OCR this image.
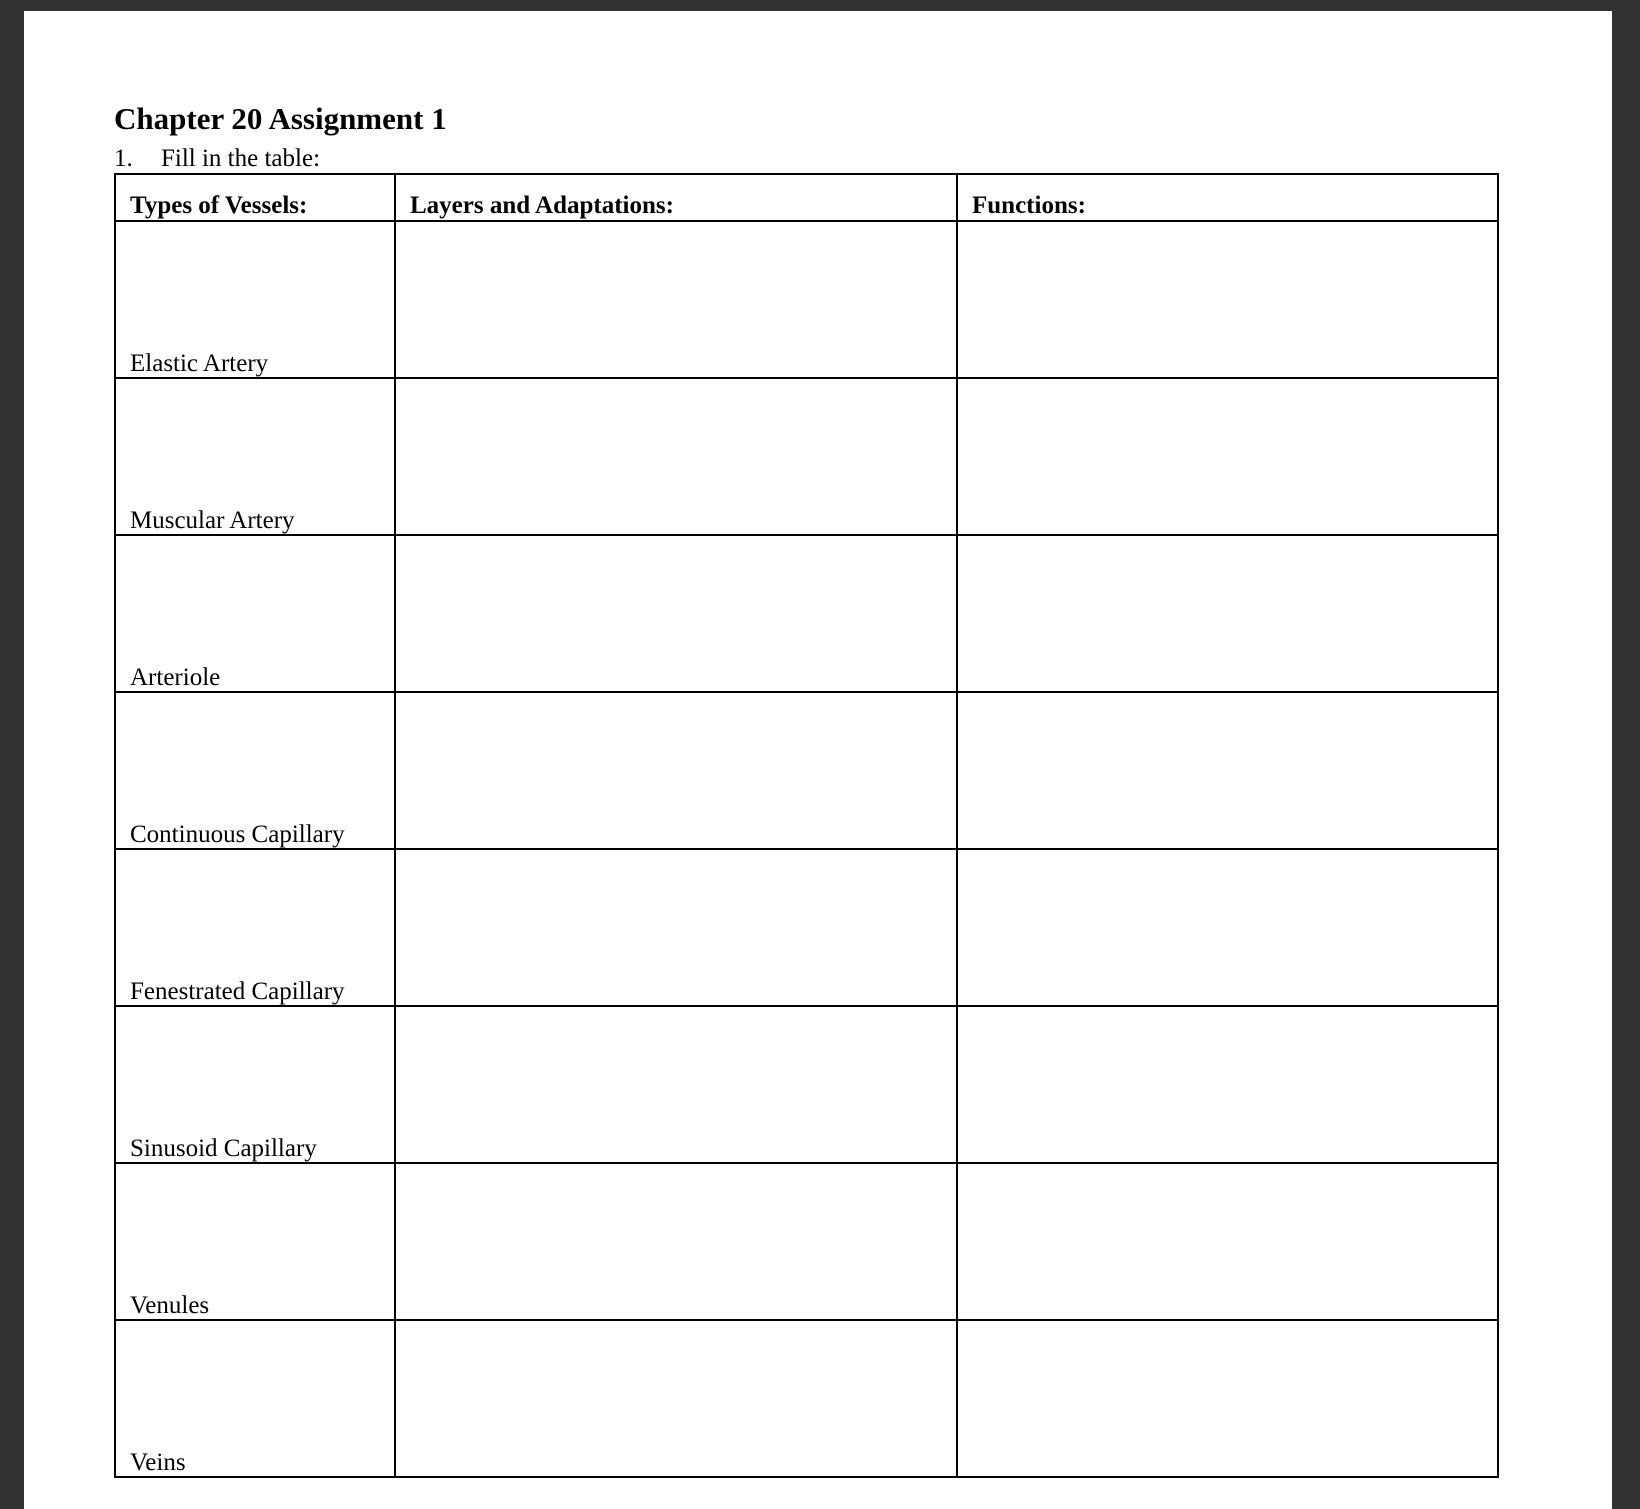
Chapter 20 Assignment 1
1. Fill in the table:
Types of Vessels:	Layers and Adaptations:	Functions:
Elastic Artery		
Muscular Artery		
Arteriole		
Continuous Capillary		
Fenestrated Capillary		
Sinusoid Capillary		
Venules		
Veins		
